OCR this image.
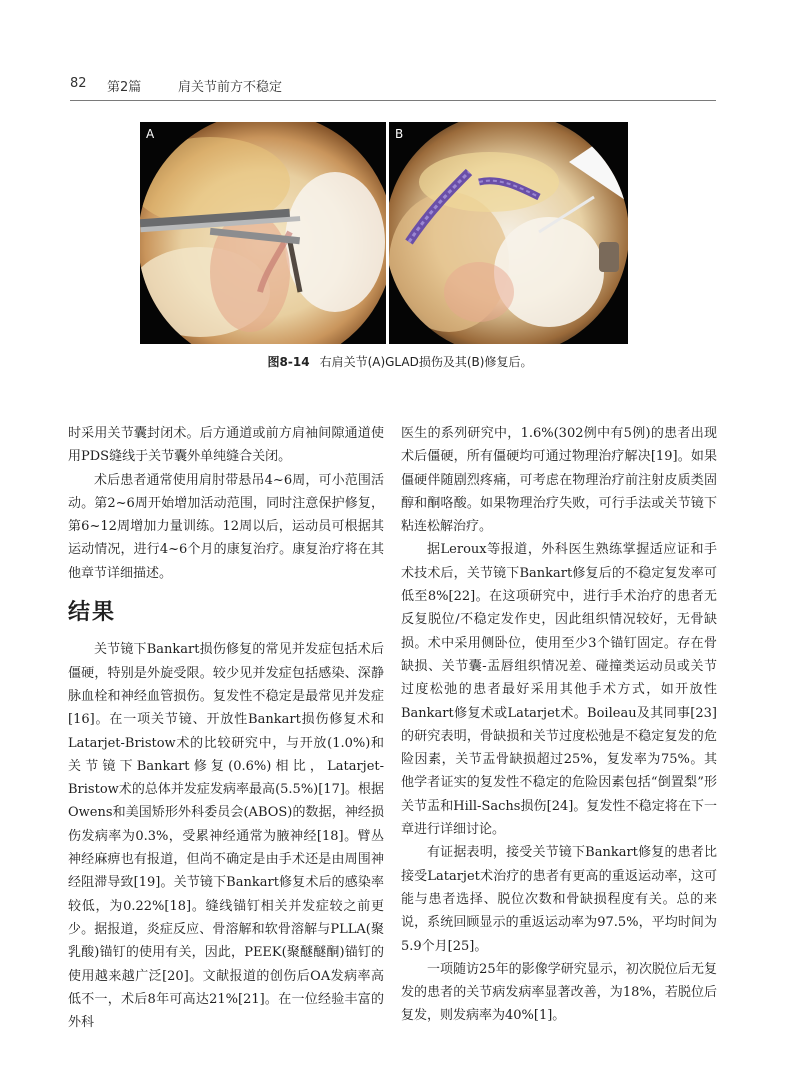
82 第2篇	肩关节前方不稳定
A	B
图8-14 右肩关节(A)GLAD损伤及其(B)修复后。

时采用关节囊封闭术。后方通道或前方肩袖间隙通道使用PDS缝线于关节囊外单纯缝合关闭。

术后患者通常使用肩肘带悬吊4~6周，可小范围活动。第2~6周开始增加活动范围，同时注意保护修复，第6~12周增加力量训练。12周以后，运动员可根据其运动情况，进行4~6个月的康复治疗。康复治疗将在其他章节详细描述。

结果

关节镜下Bankart损伤修复的常见并发症包括术后僵硬，特别是外旋受限。较少见并发症包括感染、深静脉血栓和神经血管损伤。复发性不稳定是最常见并发症[16]。在一项关节镜、开放性Bankart损伤修复术和Latarjet-Bristow术的比较研究中，与开放(1.0%)和关节镜下Bankart修复(0.6%)相比，Latarjet-Bristow术的总体并发症发病率最高(5.5%)[17]。根据Owens和美国矫形外科委员会(ABOS)的数据，神经损伤发病率为0.3%，受累神经通常为腋神经[18]。臂丛神经麻痹也有报道，但尚不确定是由手术还是由周围神经阻滞导致[19]。关节镜下Bankart修复术后的感染率较低，为0.22%[18]。缝线锚钉相关并发症较之前更少。据报道，炎症反应、骨溶解和软骨溶解与PLLA(聚乳酸)锚钉的使用有关，因此，PEEK(聚醚醚酮)锚钉的使用越来越广泛[20]。文献报道的创伤后OA发病率高低不一，术后8年可高达21%[21]。在一位经验丰富的外科

医生的系列研究中，1.6%(302例中有5例)的患者出现术后僵硬，所有僵硬均可通过物理治疗解决[19]。如果僵硬伴随剧烈疼痛，可考虑在物理治疗前注射皮质类固醇和酮咯酸。如果物理治疗失败，可行手法或关节镜下粘连松解治疗。

据Leroux等报道，外科医生熟练掌握适应证和手术技术后，关节镜下Bankart修复后的不稳定复发率可低至8%[22]。在这项研究中，进行手术治疗的患者无反复脱位/不稳定发作史，因此组织情况较好，无骨缺损。术中采用侧卧位，使用至少3个锚钉固定。存在骨缺损、关节囊-盂唇组织情况差、碰撞类运动员或关节过度松弛的患者最好采用其他手术方式，如开放性Bankart修复术或Latarjet术。Boileau及其同事[23]的研究表明，骨缺损和关节过度松弛是不稳定复发的危险因素，关节盂骨缺损超过25%，复发率为75%。其他学者证实的复发性不稳定的危险因素包括“倒置梨”形关节盂和Hill-Sachs损伤[24]。复发性不稳定将在下一章进行详细讨论。

有证据表明，接受关节镜下Bankart修复的患者比接受Latarjet术治疗的患者有更高的重返运动率，这可能与患者选择、脱位次数和骨缺损程度有关。总的来说，系统回顾显示的重返运动率为97.5%，平均时间为5.9个月[25]。

一项随访25年的影像学研究显示，初次脱位后无复发的患者的关节病发病率显著改善，为18%，若脱位后复发，则发病率为40%[1]。
